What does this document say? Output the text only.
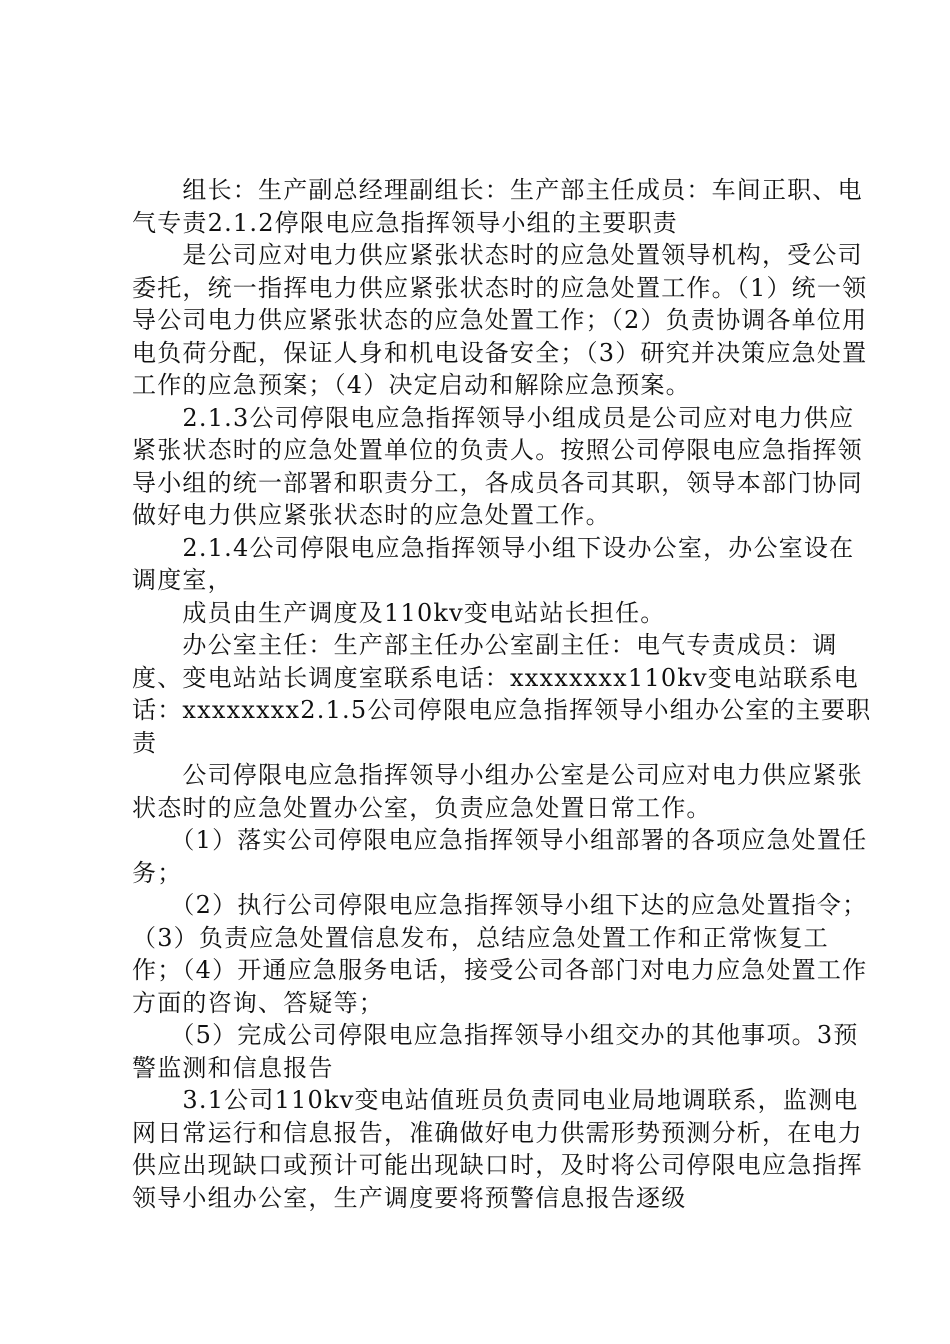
　　组长：生产副总经理副组长：生产部主任成员：车间正职、电气专责2.1.2停限电应急指挥领导小组的主要职责

　　是公司应对电力供应紧张状态时的应急处置领导机构，受公司委托，统一指挥电力供应紧张状态时的应急处置工作。（1）统一领导公司电力供应紧张状态的应急处置工作；（2）负责协调各单位用电负荷分配，保证人身和机电设备安全；（3）研究并决策应急处置工作的应急预案；（4）决定启动和解除应急预案。

　　2.1.3公司停限电应急指挥领导小组成员是公司应对电力供应紧张状态时的应急处置单位的负责人。按照公司停限电应急指挥领导小组的统一部署和职责分工，各成员各司其职，领导本部门协同做好电力供应紧张状态时的应急处置工作。

　　2.1.4公司停限电应急指挥领导小组下设办公室，办公室设在调度室，

　　成员由生产调度及110kv变电站站长担任。

　　办公室主任：生产部主任办公室副主任：电气专责成员：调度、变电站站长调度室联系电话：xxxxxxxx110kv变电站联系电话：xxxxxxxx2.1.5公司停限电应急指挥领导小组办公室的主要职责

　　公司停限电应急指挥领导小组办公室是公司应对电力供应紧张状态时的应急处置办公室，负责应急处置日常工作。

　　（1）落实公司停限电应急指挥领导小组部署的各项应急处置任务；

　　（2）执行公司停限电应急指挥领导小组下达的应急处置指令；（3）负责应急处置信息发布，总结应急处置工作和正常恢复工作；（4）开通应急服务电话，接受公司各部门对电力应急处置工作方面的咨询、答疑等；

　　（5）完成公司停限电应急指挥领导小组交办的其他事项。3预警监测和信息报告

　　3.1公司110kv变电站值班员负责同电业局地调联系，监测电网日常运行和信息报告，准确做好电力供需形势预测分析，在电力供应出现缺口或预计可能出现缺口时，及时将公司停限电应急指挥领导小组办公室，生产调度要将预警信息报告逐级
